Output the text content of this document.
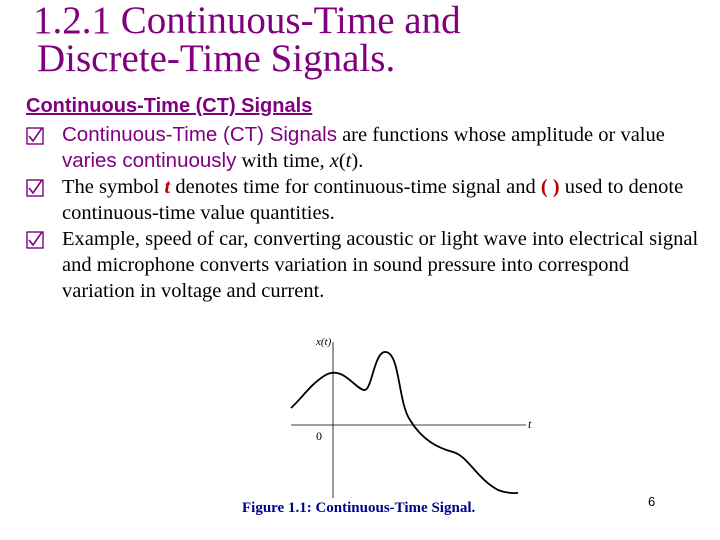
1.2.1 Continuous-Time and

Discrete-Time Signals.
Continuous-Time (CT) Signals
Continuous-Time (CT) Signals are functions whose amplitude or value varies continuously with time, x(t).
The symbol t denotes time for continuous-time signal and ( ) used to denote continuous-time value quantities.
Example, speed of car, converting acoustic or light wave into electrical signal and microphone converts variation in sound pressure into correspond variation in voltage and current.
x(t)
t
0
Figure 1.1: Continuous-Time Signal.	6
